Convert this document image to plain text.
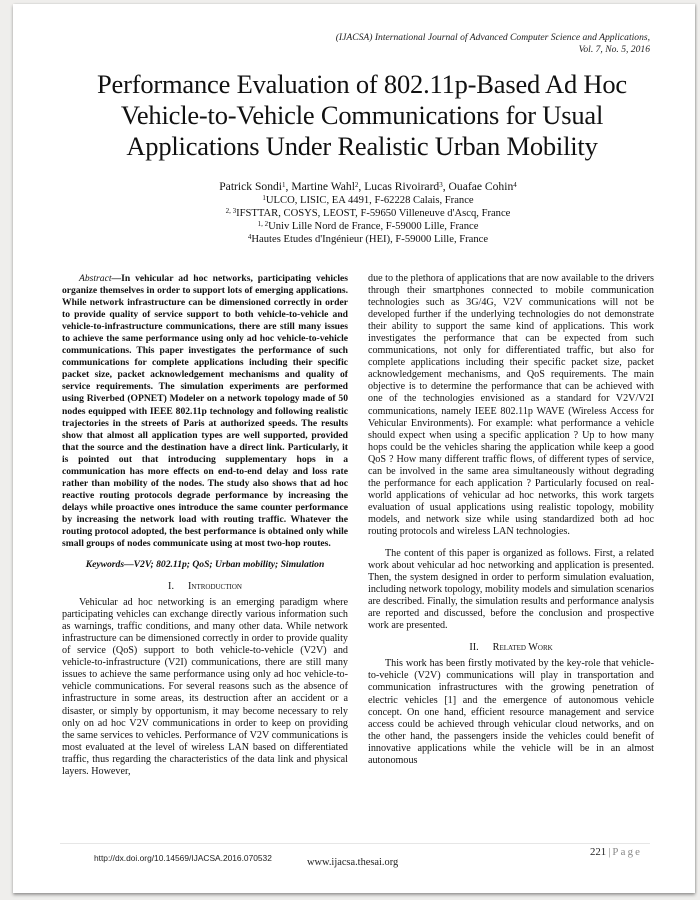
(IJACSA) International Journal of Advanced Computer Science and Applications,
Vol. 7, No. 5, 2016
Performance Evaluation of 802.11p-Based Ad Hoc
Vehicle-to-Vehicle Communications for Usual
Applications Under Realistic Urban Mobility
Patrick Sondi$^1$, Martine Wahl$^2$, Lucas Rivoirard$^3$, Ouafae Cohin$^4$
$^1$ULCO, LISIC, EA 4491, F-62228 Calais, France
$^{2, 3}$IFSTTAR, COSYS, LEOST, F-59650 Villeneuve d'Ascq, France
$^{1, 2}$Univ Lille Nord de France, F-59000 Lille, France
$^4$Hautes Etudes d'Ingénieur (HEI), F-59000 Lille, France

Abstract—In vehicular ad hoc networks, participating vehicles organize themselves in order to support lots of emerging applications. While network infrastructure can be dimensioned correctly in order to provide quality of service support to both vehicle-to-vehicle and vehicle-to-infrastructure communications, there are still many issues to achieve the same performance using only ad hoc vehicle-to-vehicle communications. This paper investigates the performance of such communications for complete applications including their specific packet size, packet acknowledgement mechanisms and quality of service requirements. The simulation experiments are performed using Riverbed (OPNET) Modeler on a network topology made of 50 nodes equipped with IEEE 802.11p technology and following realistic trajectories in the streets of Paris at authorized speeds. The results show that almost all application types are well supported, provided that the source and the destination have a direct link. Particularly, it is pointed out that introducing supplementary hops in a communication has more effects on end-to-end delay and loss rate rather than mobility of the nodes. The study also shows that ad hoc reactive routing protocols degrade performance by increasing the delays while proactive ones introduce the same counter performance by increasing the network load with routing traffic. Whatever the routing protocol adopted, the best performance is obtained only while small groups of nodes communicate using at most two-hop routes.

Keywords—V2V; 802.11p; QoS; Urban mobility; Simulation

I. Introduction

Vehicular ad hoc networking is an emerging paradigm where participating vehicles can exchange directly various information such as warnings, traffic conditions, and many other data. While network infrastructure can be dimensioned correctly in order to provide quality of service (QoS) support to both vehicle-to-vehicle (V2V) and vehicle-to-infrastructure (V2I) communications, there are still many issues to achieve the same performance using only ad hoc vehicle-to-vehicle communications. For several reasons such as the absence of infrastructure in some areas, its destruction after an accident or a disaster, or simply by opportunism, it may become necessary to rely only on ad hoc V2V communications in order to keep on providing the same services to vehicles. Performance of V2V communications is most evaluated at the level of wireless LAN based on differentiated traffic, thus regarding the characteristics of the data link and physical layers. However,

due to the plethora of applications that are now available to the drivers through their smartphones connected to mobile communication technologies such as 3G/4G, V2V communications will not be developed further if the underlying technologies do not demonstrate their ability to support the same kind of applications. This work investigates the performance that can be expected from such communications, not only for differentiated traffic, but also for complete applications including their specific packet size, packet acknowledgement mechanisms, and QoS requirements. The main objective is to determine the performance that can be achieved with one of the technologies envisioned as a standard for V2V/V2I communications, namely IEEE 802.11p WAVE (Wireless Access for Vehicular Environments). For example: what performance a vehicle should expect when using a specific application ? Up to how many hops could be the vehicles sharing the application while keep a good QoS ? How many different traffic flows, of different types of service, can be involved in the same area simultaneously without degrading the performance for each application ? Particularly focused on real-world applications of vehicular ad hoc networks, this work targets evaluation of usual applications using realistic topology, mobility models, and network size while using standardized both ad hoc routing protocols and wireless LAN technologies.

The content of this paper is organized as follows. First, a related work about vehicular ad hoc networking and application is presented. Then, the system designed in order to perform simulation evaluation, including network topology, mobility models and simulation scenarios are described. Finally, the simulation results and performance analysis are reported and discussed, before the conclusion and prospective work are presented.

II. Related Work

This work has been firstly motivated by the key-role that vehicle-to-vehicle (V2V) communications will play in transportation and communication infrastructures with the growing penetration of electric vehicles [1] and the emergence of autonomous vehicle concept. On one hand, efficient resource management and service access could be achieved through vehicular cloud networks, and on the other hand, the passengers inside the vehicles could benefit of innovative applications while the vehicle will be in an almost autonomous

http://dx.doi.org/10.14569/IJACSA.2016.070532	www.ijacsa.thesai.org
221 | Page
